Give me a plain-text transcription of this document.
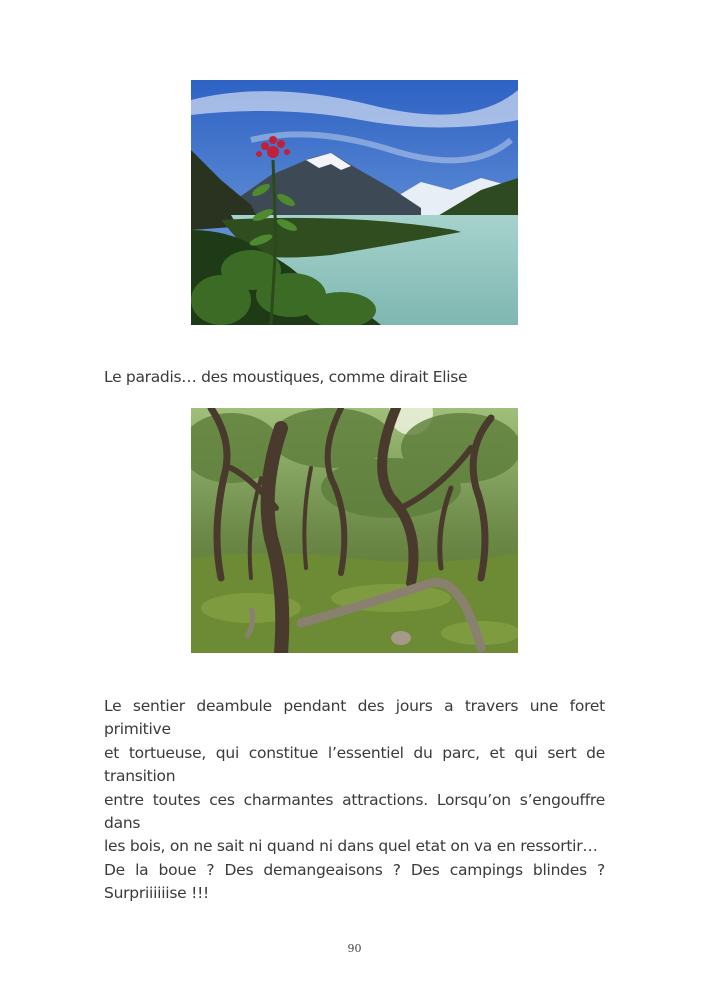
Le paradis… des moustiques, comme dirait Elise

Le sentier deambule pendant des jours a travers une foret primitive

et tortueuse, qui constitue l’essentiel du parc, et qui sert de transition

entre toutes ces charmantes attractions. Lorsqu’on s’engouffre dans

les bois, on ne sait ni quand ni dans quel etat on va en ressortir…

De la boue ? Des demangeaisons ? Des campings blindes ?

Surpriiiiiise !!!

90
